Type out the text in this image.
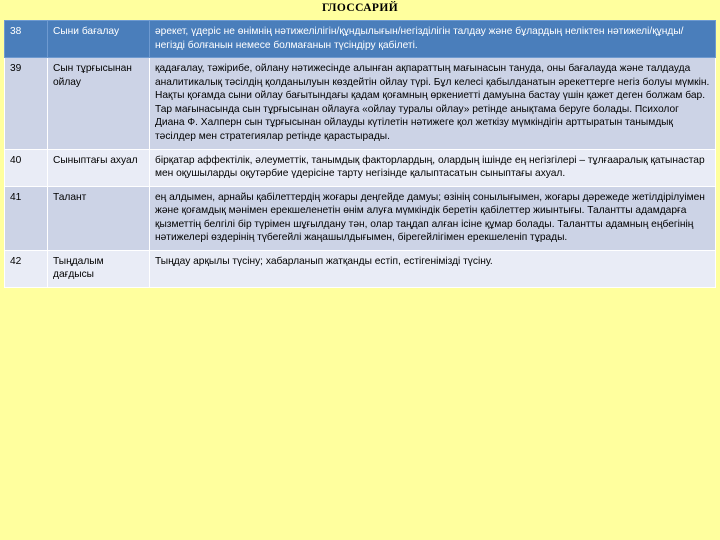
ГЛОССАРИЙ
38	Сыни бағалау	әрекет, үдеріс не өнімнің нәтижелілігін/құндылығын/негізділігін талдау және бұлардың неліктен нәтижелі/құнды/негізді болғанын немесе болмағанын түсіндіру қабілеті.
39	Сын тұрғысынан ойлау	қадағалау, тәжірибе, ойлану нәтижесінде алынған ақпараттың мағынасын тануда, оны бағалауда және талдауда аналитикалық тәсілдің қолданылуын көздейтін ойлау түрі. Бұл келесі қабылданатын әрекеттерге негіз болуы мүмкін. Нақты қоғамда сыни ойлау бағытындағы қадам қоғамның өркениетті дамуына бастау үшін қажет деген болжам бар. Тар мағынасында сын тұрғысынан ойлауға «ойлау туралы ойлау» ретінде анықтама беруге болады. Психолог Диана Ф. Халперн сын тұрғысынан ойлауды күтілетін нәтижеге қол жеткізу мүмкіндігін арттыратын танымдық тәсілдер мен стратегиялар ретінде қарастырады.
40	Сыныптағы ахуал	бірқатар аффектілік, әлеуметтік, танымдық факторлардың, олардың ішінде ең негізгілері – тұлғааралық қатынастар мен оқушыларды оқутәрбие үдерісіне тарту негізінде қалыптасатын сыныптағы ахуал.
41	Талант	ең алдымен, арнайы қабілеттердің жоғары деңгейде дамуы; өзінің сонылығымен, жоғары дәрежеде жетілдірілуімен және қоғамдық мәнімен ерекшеленетін өнім алуға мүмкіндік беретін қабілеттер жиынтығы. Талантты адамдарға қызметтің белгілі бір түрімен шұғылдану тән, олар таңдап алған ісіне құмар болады. Талантты адамның еңбегінің нәтижелері өздерінің түбегейлі жаңашылдығымен, бірегейлігімен ерекшеленіп тұрады.
42	Тыңдалым дағдысы	Тыңдау арқылы түсіну; хабарланып жатқанды естіп, естігенімізді түсіну.
